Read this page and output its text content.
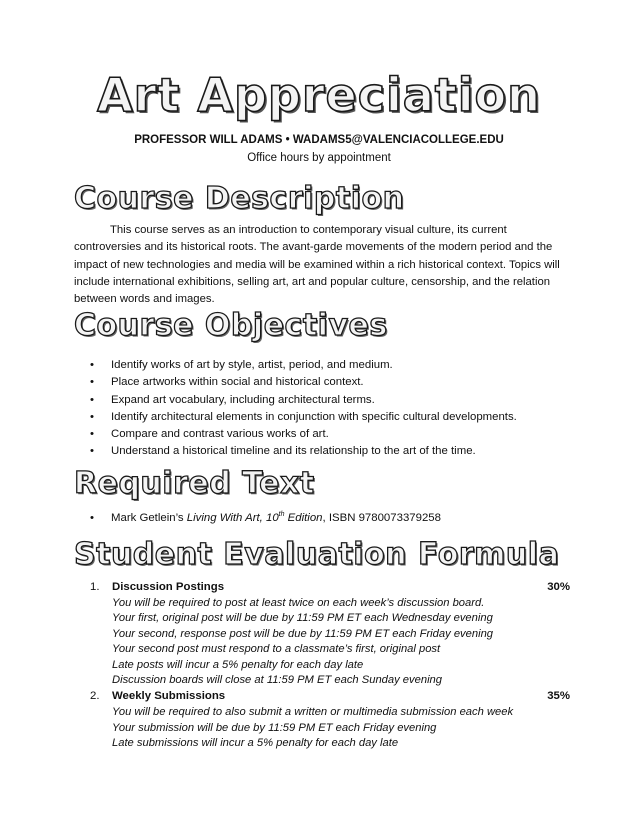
Art Appreciation
PROFESSOR WILL ADAMS • WADAMS5@VALENCIACOLLEGE.EDU
Office hours by appointment
Course Description
This course serves as an introduction to contemporary visual culture, its current controversies and its historical roots. The avant-garde movements of the modern period and the impact of new technologies and media will be examined within a rich historical context. Topics will include international exhibitions, selling art, art and popular culture, censorship, and the relation between words and images.
Course Objectives
• Identify works of art by style, artist, period, and medium.
• Place artworks within social and historical context.
• Expand art vocabulary, including architectural terms.
• Identify architectural elements in conjunction with specific cultural developments.
• Compare and contrast various works of art.
• Understand a historical timeline and its relationship to the art of the time.
Required Text
• Mark Getlein’s Living With Art, 10th Edition, ISBN 9780073379258
Student Evaluation Formula
1. Discussion Postings	30%
You will be required to post at least twice on each week’s discussion board.
Your first, original post will be due by 11:59 PM ET each Wednesday evening
Your second, response post will be due by 11:59 PM ET each Friday evening
Your second post must respond to a classmate’s first, original post
Late posts will incur a 5% penalty for each day late
Discussion boards will close at 11:59 PM ET each Sunday evening
2. Weekly Submissions	35%
You will be required to also submit a written or multimedia submission each week
Your submission will be due by 11:59 PM ET each Friday evening
Late submissions will incur a 5% penalty for each day late
